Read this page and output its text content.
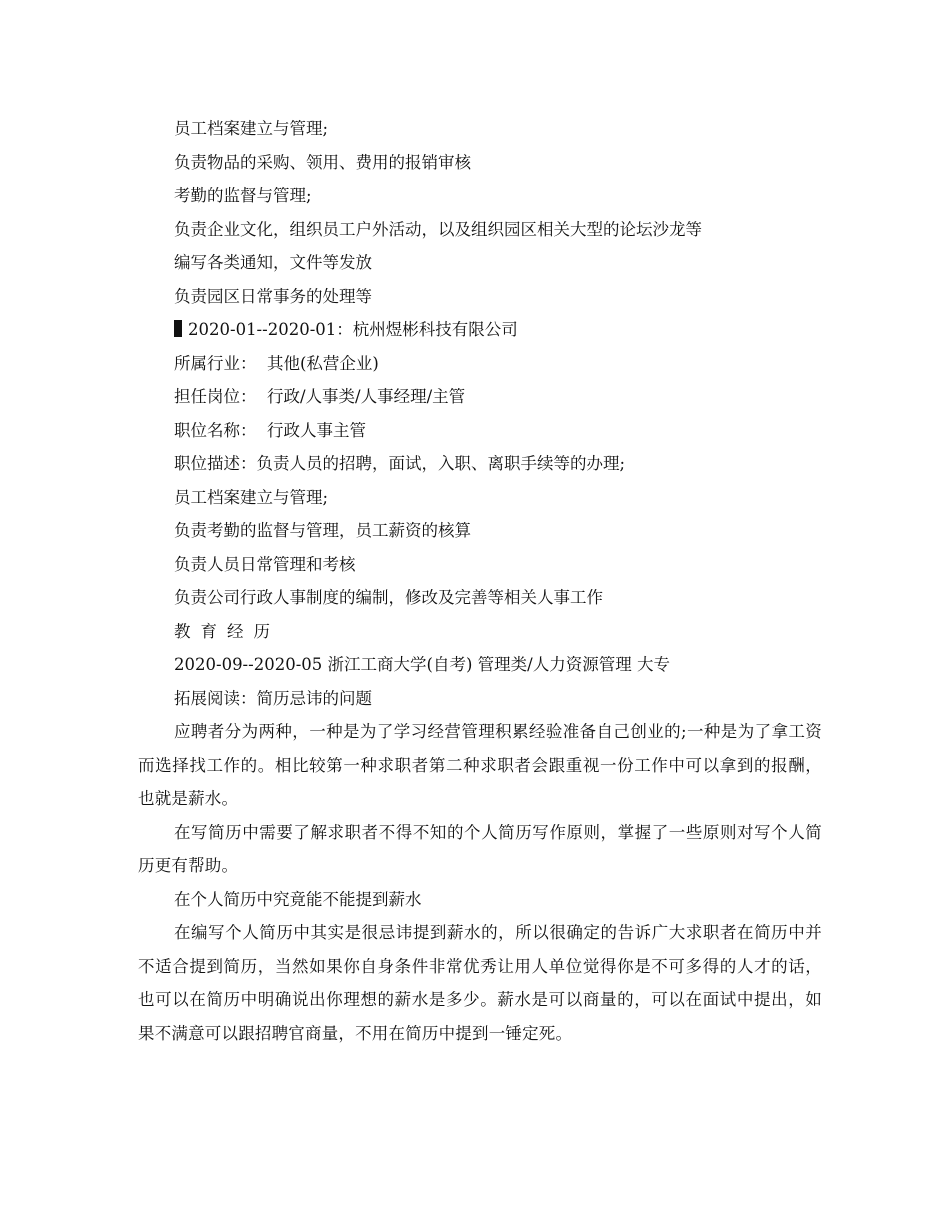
员工档案建立与管理;

负责物品的采购、领用、费用的报销审核

考勤的监督与管理;

负责企业文化，组织员工户外活动，以及组织园区相关大型的论坛沙龙等

编写各类通知，文件等发放

负责园区日常事务的处理等

2020-01--2020-01：杭州煜彬科技有限公司

所属行业：  其他(私营企业)

担任岗位：  行政/人事类/人事经理/主管

职位名称：  行政人事主管

职位描述：负责人员的招聘，面试，入职、离职手续等的办理;

员工档案建立与管理;

负责考勤的监督与管理，员工薪资的核算

负责人员日常管理和考核

负责公司行政人事制度的编制，修改及完善等相关人事工作

教育经历

2020-09--2020-05 浙江工商大学(自考) 管理类/人力资源管理 大专

拓展阅读：简历忌讳的问题

应聘者分为两种，一种是为了学习经营管理积累经验准备自己创业的;一种是为了拿工资而选择找工作的。相比较第一种求职者第二种求职者会跟重视一份工作中可以拿到的报酬，也就是薪水。

在写简历中需要了解求职者不得不知的个人简历写作原则，掌握了一些原则对写个人简历更有帮助。

在个人简历中究竟能不能提到薪水

在编写个人简历中其实是很忌讳提到薪水的，所以很确定的告诉广大求职者在简历中并不适合提到简历，当然如果你自身条件非常优秀让用人单位觉得你是不可多得的人才的话，也可以在简历中明确说出你理想的薪水是多少。薪水是可以商量的，可以在面试中提出，如果不满意可以跟招聘官商量，不用在简历中提到一锤定死。
